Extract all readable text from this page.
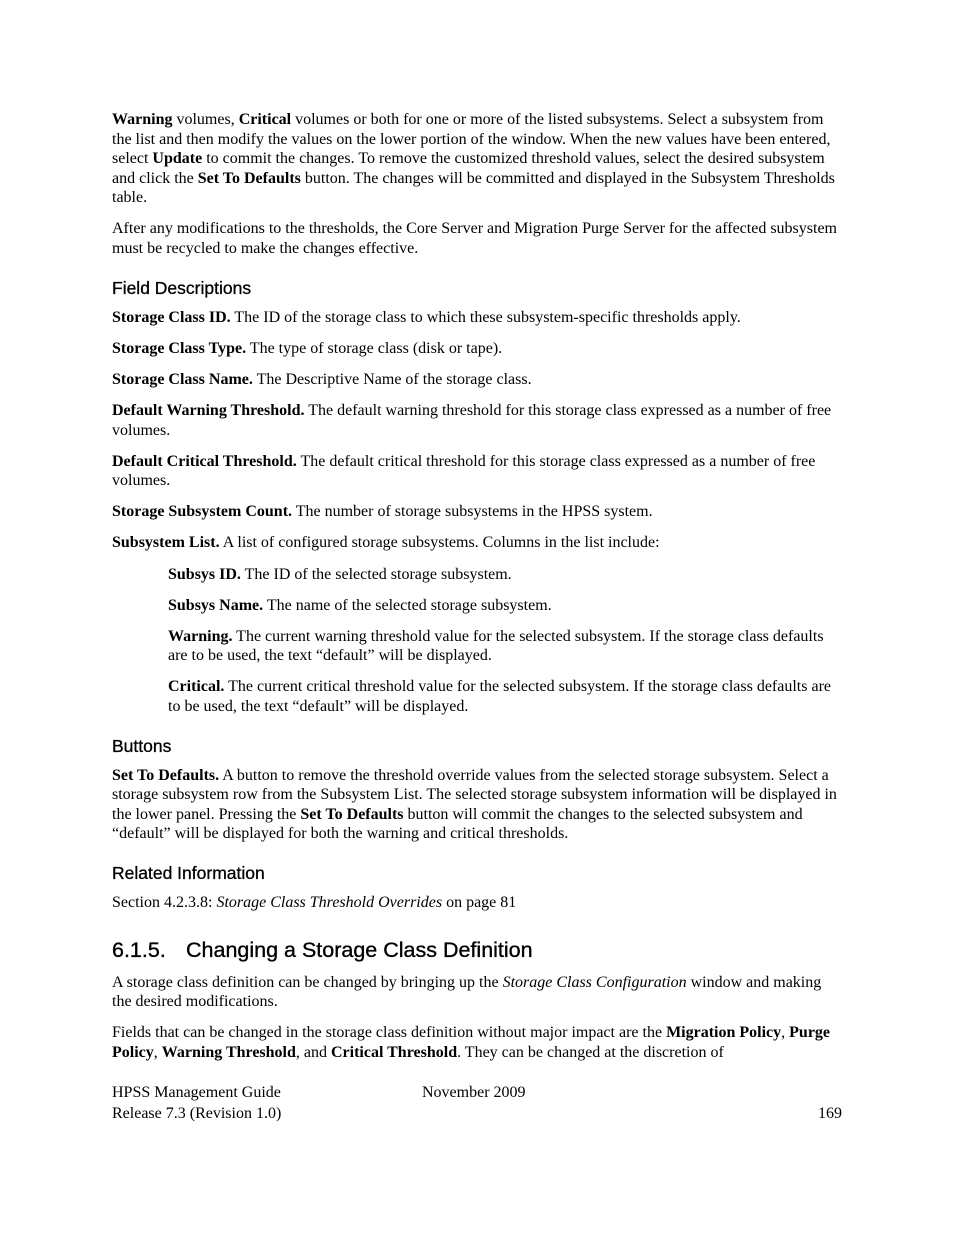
Warning volumes, Critical volumes or both for one or more of the listed subsystems. Select a subsystem from the list and then modify the values on the lower portion of the window. When the new values have been entered, select Update to commit the changes. To remove the customized threshold values, select the desired subsystem and click the Set To Defaults button. The changes will be committed and displayed in the Subsystem Thresholds table.

After any modifications to the thresholds, the Core Server and Migration Purge Server for the affected subsystem must be recycled to make the changes effective.

Field Descriptions

Storage Class ID. The ID of the storage class to which these subsystem-specific thresholds apply.

Storage Class Type. The type of storage class (disk or tape).

Storage Class Name. The Descriptive Name of the storage class.

Default Warning Threshold. The default warning threshold for this storage class expressed as a number of free volumes.

Default Critical Threshold. The default critical threshold for this storage class expressed as a number of free volumes.

Storage Subsystem Count. The number of storage subsystems in the HPSS system.

Subsystem List. A list of configured storage subsystems. Columns in the list include:

Subsys ID. The ID of the selected storage subsystem.

Subsys Name. The name of the selected storage subsystem.

Warning. The current warning threshold value for the selected subsystem. If the storage class defaults are to be used, the text “default” will be displayed.

Critical. The current critical threshold value for the selected subsystem. If the storage class defaults are to be used, the text “default” will be displayed.

Buttons

Set To Defaults. A button to remove the threshold override values from the selected storage subsystem. Select a storage subsystem row from the Subsystem List. The selected storage subsystem information will be displayed in the lower panel. Pressing the Set To Defaults button will commit the changes to the selected subsystem and “default” will be displayed for both the warning and critical thresholds.

Related Information

Section 4.2.3.8: Storage Class Threshold Overrides on page 81

6.1.5. Changing a Storage Class Definition

A storage class definition can be changed by bringing up the Storage Class Configuration window and making the desired modifications.

Fields that can be changed in the storage class definition without major impact are the Migration Policy, Purge Policy, Warning Threshold, and Critical Threshold. They can be changed at the discretion of

HPSS Management Guide	November 2009
Release 7.3 (Revision 1.0)	169
